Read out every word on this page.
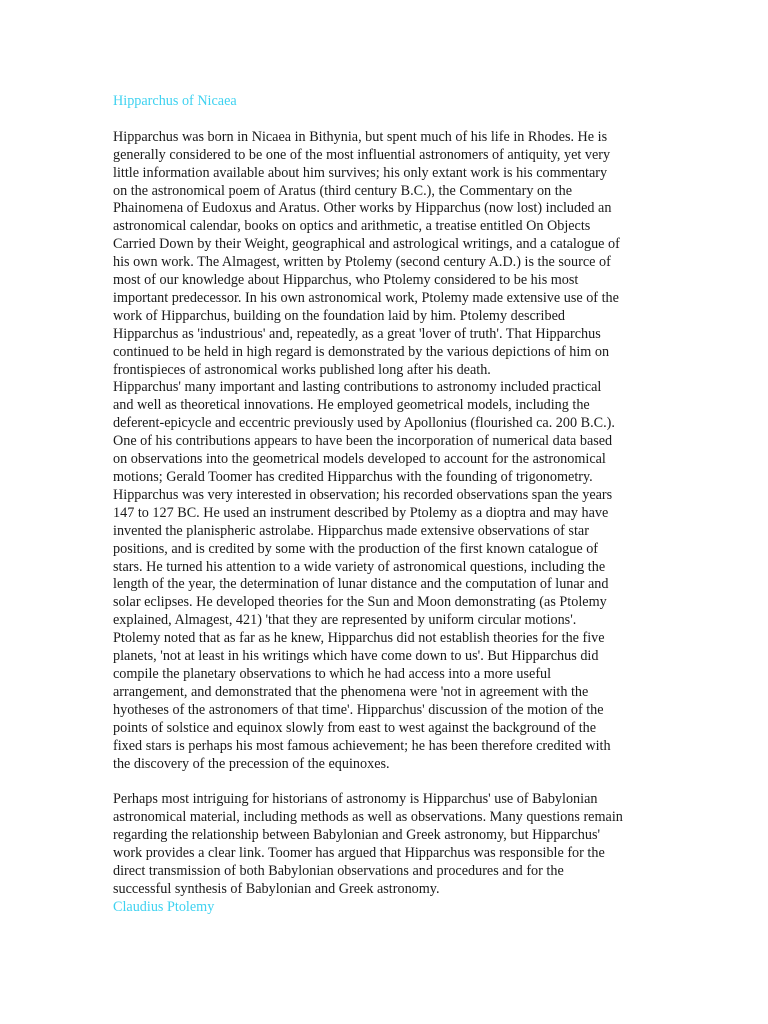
Hipparchus of Nicaea

Hipparchus was born in Nicaea in Bithynia, but spent much of his life in Rhodes. He is
generally considered to be one of the most influential astronomers of antiquity, yet very
little information available about him survives; his only extant work is his commentary
on the astronomical poem of Aratus (third century B.C.), the Commentary on the
Phainomena of Eudoxus and Aratus. Other works by Hipparchus (now lost) included an
astronomical calendar, books on optics and arithmetic, a treatise entitled On Objects
Carried Down by their Weight, geographical and astrological writings, and a catalogue of
his own work. The Almagest, written by Ptolemy (second century A.D.) is the source of
most of our knowledge about Hipparchus, who Ptolemy considered to be his most
important predecessor. In his own astronomical work, Ptolemy made extensive use of the
work of Hipparchus, building on the foundation laid by him. Ptolemy described
Hipparchus as 'industrious' and, repeatedly, as a great 'lover of truth'. That Hipparchus
continued to be held in high regard is demonstrated by the various depictions of him on
frontispieces of astronomical works published long after his death.

Hipparchus' many important and lasting contributions to astronomy included practical
and well as theoretical innovations. He employed geometrical models, including the
deferent-epicycle and eccentric previously used by Apollonius (flourished ca. 200 B.C.).
One of his contributions appears to have been the incorporation of numerical data based
on observations into the geometrical models developed to account for the astronomical
motions; Gerald Toomer has credited Hipparchus with the founding of trigonometry.
Hipparchus was very interested in observation; his recorded observations span the years
147 to 127 BC. He used an instrument described by Ptolemy as a dioptra and may have
invented the planispheric astrolabe. Hipparchus made extensive observations of star
positions, and is credited by some with the production of the first known catalogue of
stars. He turned his attention to a wide variety of astronomical questions, including the
length of the year, the determination of lunar distance and the computation of lunar and
solar eclipses. He developed theories for the Sun and Moon demonstrating (as Ptolemy
explained, Almagest, 421) 'that they are represented by uniform circular motions'.
Ptolemy noted that as far as he knew, Hipparchus did not establish theories for the five
planets, 'not at least in his writings which have come down to us'. But Hipparchus did
compile the planetary observations to which he had access into a more useful
arrangement, and demonstrated that the phenomena were 'not in agreement with the
hyotheses of the astronomers of that time'. Hipparchus' discussion of the motion of the
points of solstice and equinox slowly from east to west against the background of the
fixed stars is perhaps his most famous achievement; he has been therefore credited with
the discovery of the precession of the equinoxes.

Perhaps most intriguing for historians of astronomy is Hipparchus' use of Babylonian
astronomical material, including methods as well as observations. Many questions remain
regarding the relationship between Babylonian and Greek astronomy, but Hipparchus'
work provides a clear link. Toomer has argued that Hipparchus was responsible for the
direct transmission of both Babylonian observations and procedures and for the
successful synthesis of Babylonian and Greek astronomy.

Claudius Ptolemy
